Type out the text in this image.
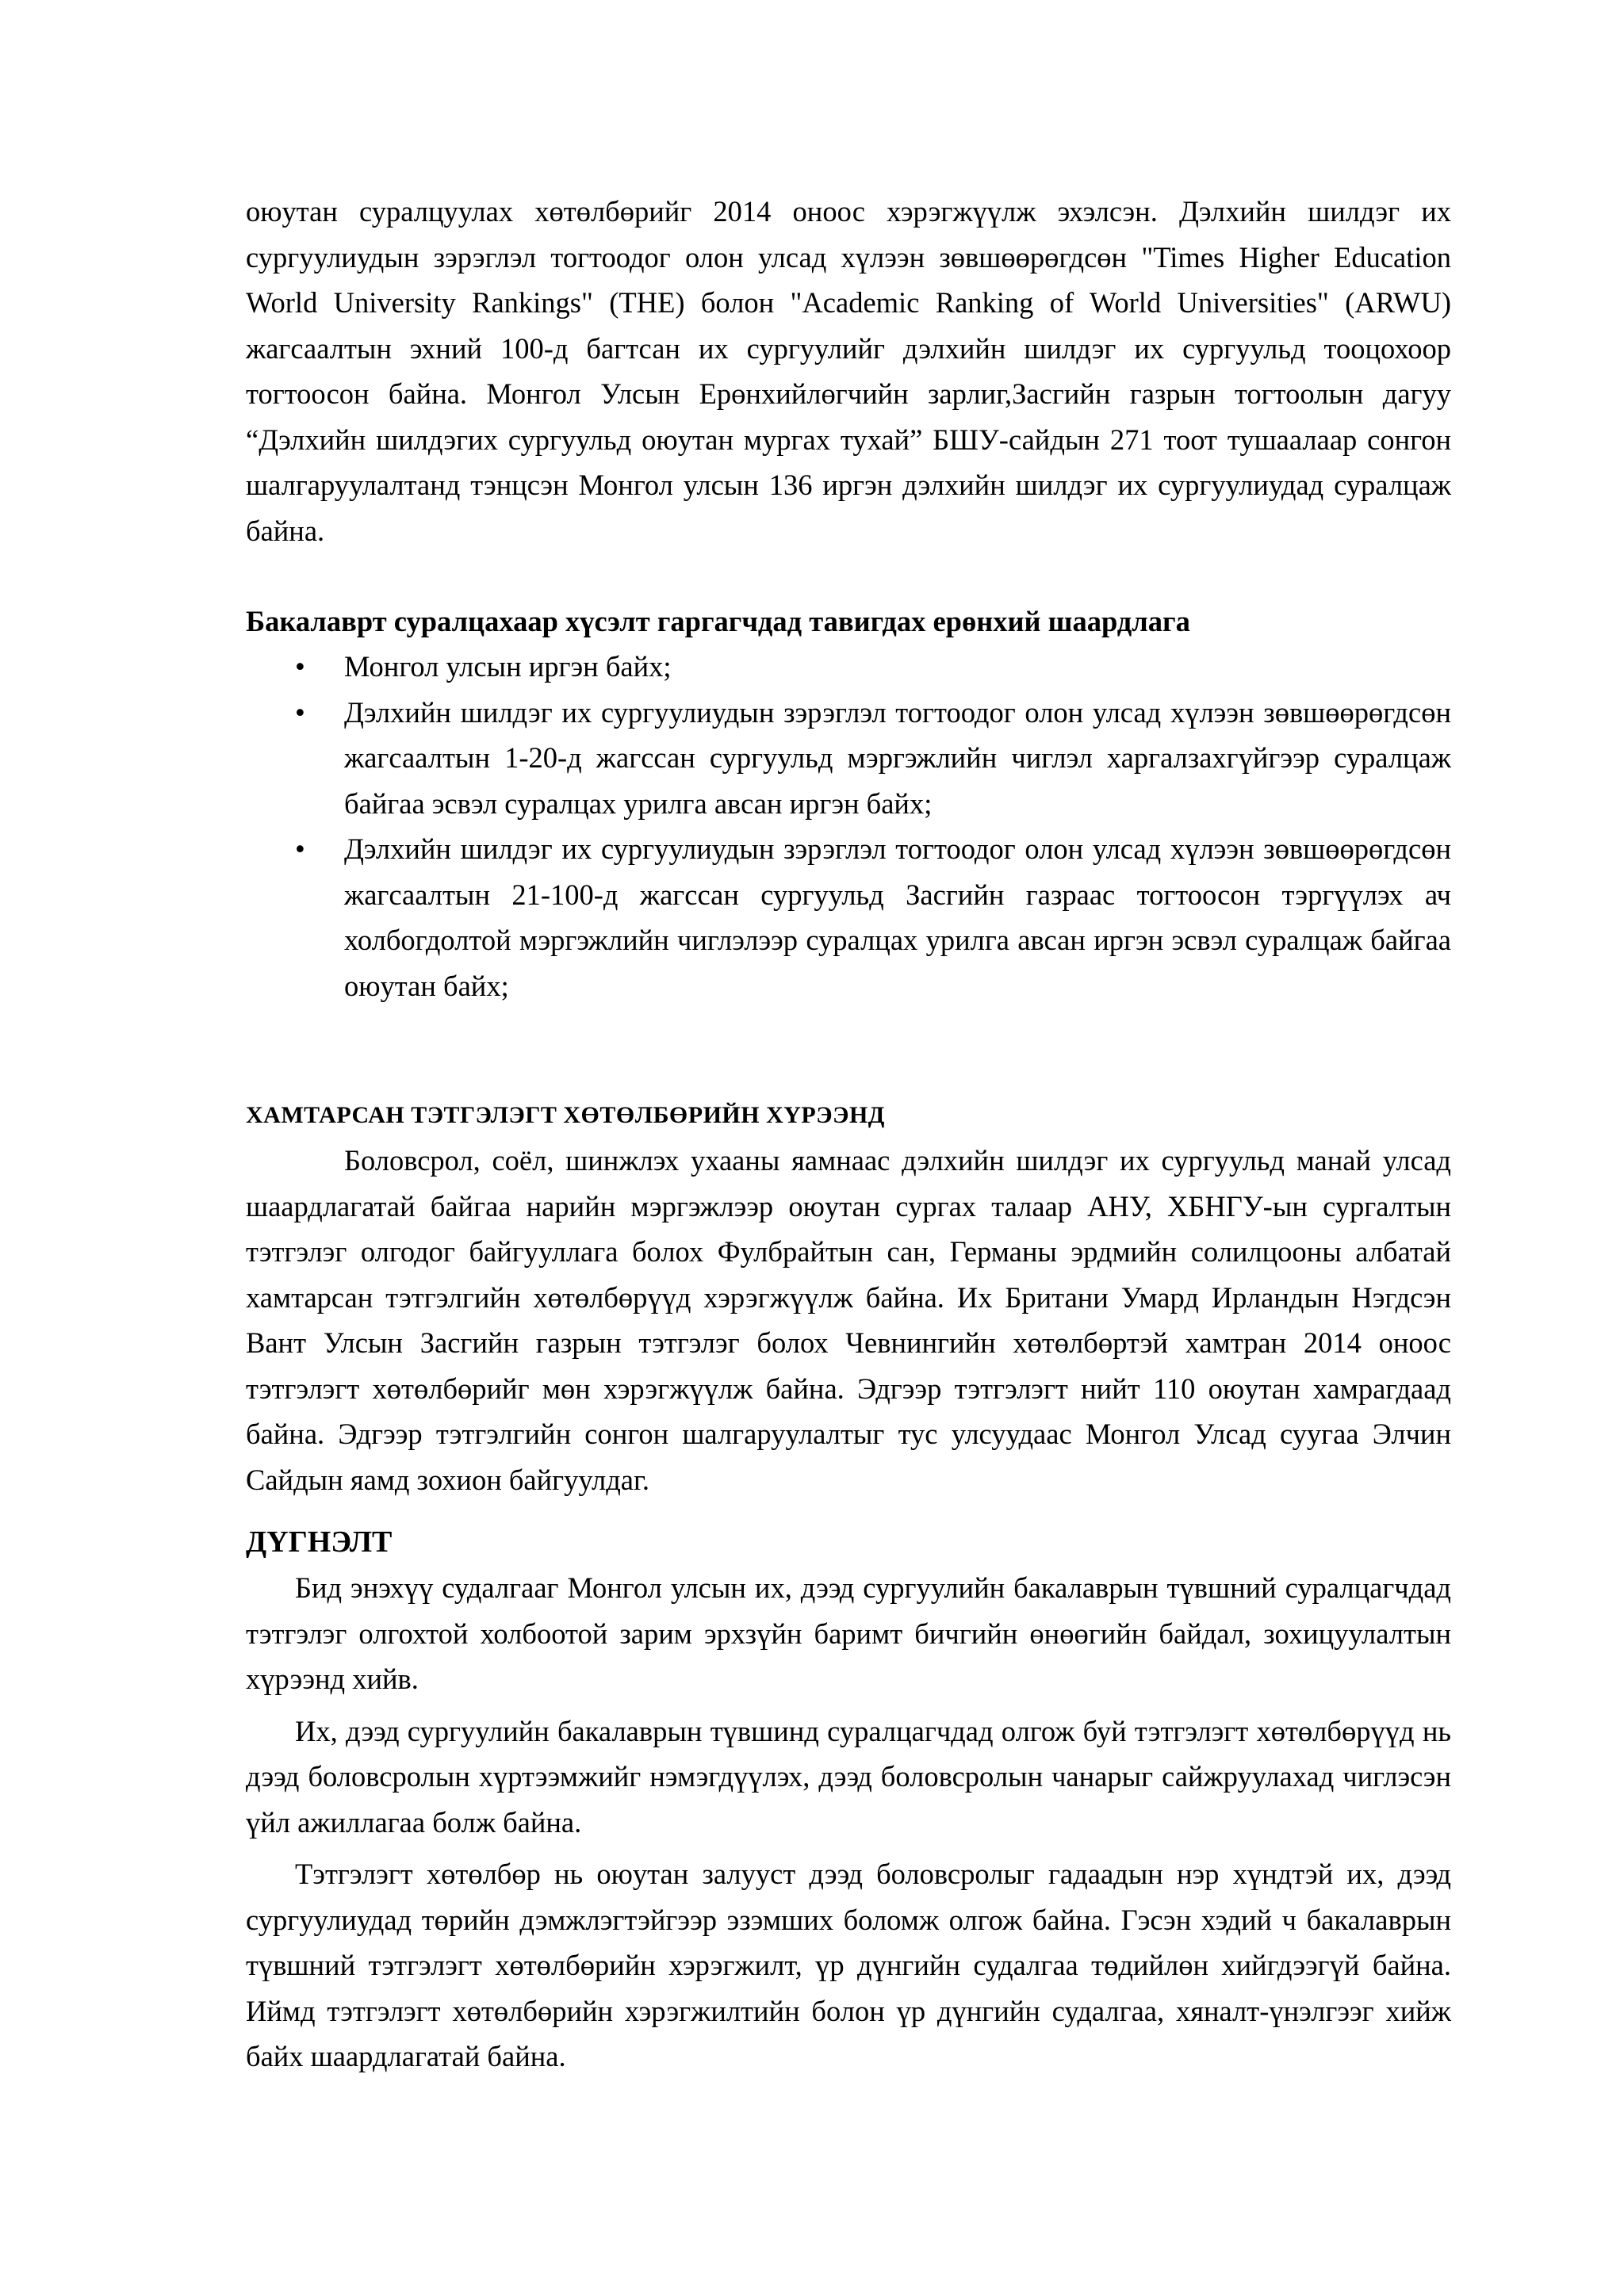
оюутан суралцуулах хөтөлбөрийг 2014 оноос хэрэгжүүлж эхэлсэн. Дэлхийн шилдэг их сургуулиудын зэрэглэл тогтоодог олон улсад хүлээн зөвшөөрөгдсөн "Times Higher Education World University Rankings" (THE) болон "Academic Ranking of World Universities" (ARWU) жагсаалтын эхний 100-д багтсан их сургуулийг дэлхийн шилдэг их сургуульд тооцохоор тогтоосон байна. Монгол Улсын Ерөнхийлөгчийн зарлиг,Засгийн газрын тогтоолын дагуу “Дэлхийн шилдэгих сургуульд оюутан мургах тухай” БШУ-сайдын 271 тоот тушаалаар сонгон шалгаруулалтанд тэнцсэн Монгол улсын 136 иргэн дэлхийн шилдэг их сургуулиудад суралцаж байна.

Бакалаврт суралцахаар хүсэлт гаргагчдад тавигдах ерөнхий шаардлага
• Монгол улсын иргэн байх;
• Дэлхийн шилдэг их сургуулиудын зэрэглэл тогтоодог олон улсад хүлээн зөвшөөрөгдсөн жагсаалтын 1-20-д жагссан сургуульд мэргэжлийн чиглэл харгалзахгүйгээр суралцаж байгаа эсвэл суралцах урилга авсан иргэн байх;
• Дэлхийн шилдэг их сургуулиудын зэрэглэл тогтоодог олон улсад хүлээн зөвшөөрөгдсөн жагсаалтын 21-100-д жагссан сургуульд Засгийн газраас тогтоосон тэргүүлэх ач холбогдолтой мэргэжлийн чиглэлээр суралцах урилга авсан иргэн эсвэл суралцаж байгаа оюутан байх;
ХАМТАРСАН ТЭТГЭЛЭГТ ХӨТӨЛБӨРИЙН ХҮРЭЭНД

Боловсрол, соёл, шинжлэх ухааны яамнаас дэлхийн шилдэг их сургуульд манай улсад шаардлагатай байгаа нарийн мэргэжлээр оюутан сургах талаар АНУ, ХБНГУ-ын сургалтын тэтгэлэг олгодог байгууллага болох Фулбрайтын сан, Германы эрдмийн солилцооны албатай хамтарсан тэтгэлгийн хөтөлбөрүүд хэрэгжүүлж байна. Их Британи Умард Ирландын Нэгдсэн Вант Улсын Засгийн газрын тэтгэлэг болох Чевнингийн хөтөлбөртэй хамтран 2014 оноос тэтгэлэгт хөтөлбөрийг мөн хэрэгжүүлж байна. Эдгээр тэтгэлэгт нийт 110 оюутан хамрагдаад байна. Эдгээр тэтгэлгийн сонгон шалгаруулалтыг тус улсуудаас Монгол Улсад суугаа Элчин Сайдын яамд зохион байгуулдаг.

ДҮГНЭЛТ

Бид энэхүү судалгааг Монгол улсын их, дээд сургуулийн бакалаврын түвшний суралцагчдад тэтгэлэг олгохтой холбоотой зарим эрхзүйн баримт бичгийн өнөөгийн байдал, зохицуулалтын хүрээнд хийв.

Их, дээд сургуулийн бакалаврын түвшинд суралцагчдад олгож буй тэтгэлэгт хөтөлбөрүүд нь дээд боловсролын хүртээмжийг нэмэгдүүлэх, дээд боловсролын чанарыг сайжруулахад чиглэсэн үйл ажиллагаа болж байна.

Тэтгэлэгт хөтөлбөр нь оюутан залууст дээд боловсролыг гадаадын нэр хүндтэй их, дээд сургуулиудад төрийн дэмжлэгтэйгээр эзэмших боломж олгож байна. Гэсэн хэдий ч бакалаврын түвшний тэтгэлэгт хөтөлбөрийн хэрэгжилт, үр дүнгийн судалгаа төдийлөн хийгдээгүй байна. Иймд тэтгэлэгт хөтөлбөрийн хэрэгжилтийн болон үр дүнгийн судалгаа, хяналт-үнэлгээг хийж байх шаардлагатай байна.
